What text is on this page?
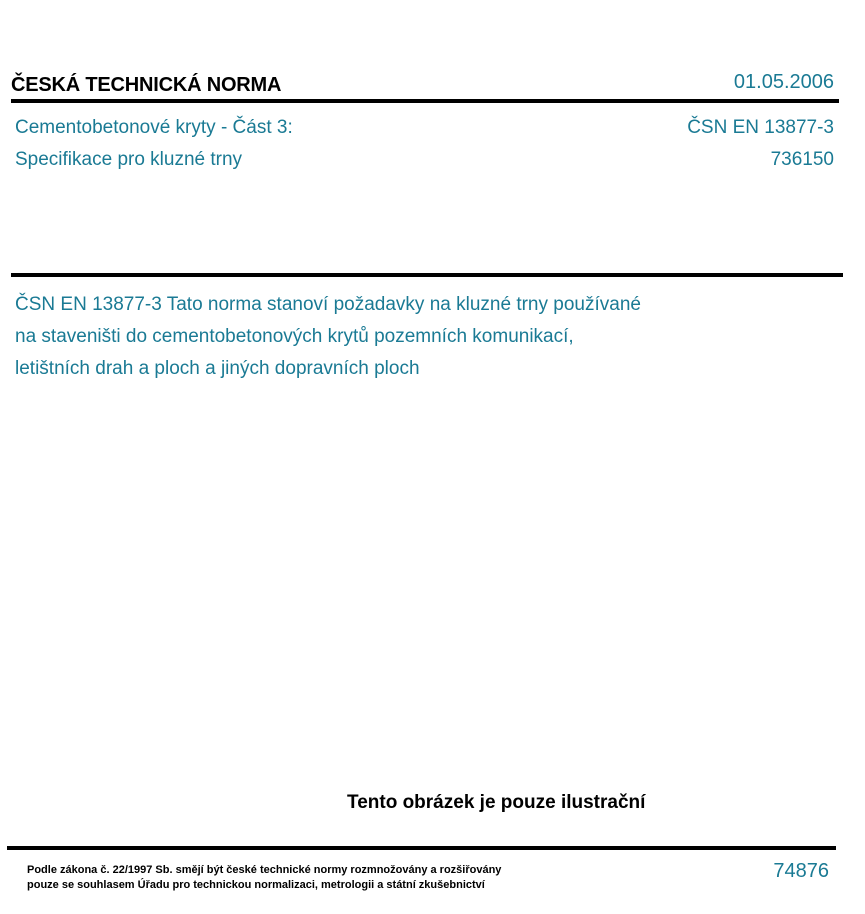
ČESKÁ TECHNICKÁ NORMA	01.05.2006
Cementobetonové kryty - Část 3:
Specifikace pro kluzné trny
ČSN EN 13877-3
736150
ČSN EN 13877-3 Tato norma stanoví požadavky na kluzné trny používané
na staveništi do cementobetonových krytů pozemních komunikací,
letištních drah a ploch a jiných dopravních ploch
Tento obrázek je pouze ilustrační
Podle zákona č. 22/1997 Sb. smějí být české technické normy rozmnožovány a rozšiřovány
pouze se souhlasem Úřadu pro technickou normalizaci, metrologii a státní zkušebnictví
74876
